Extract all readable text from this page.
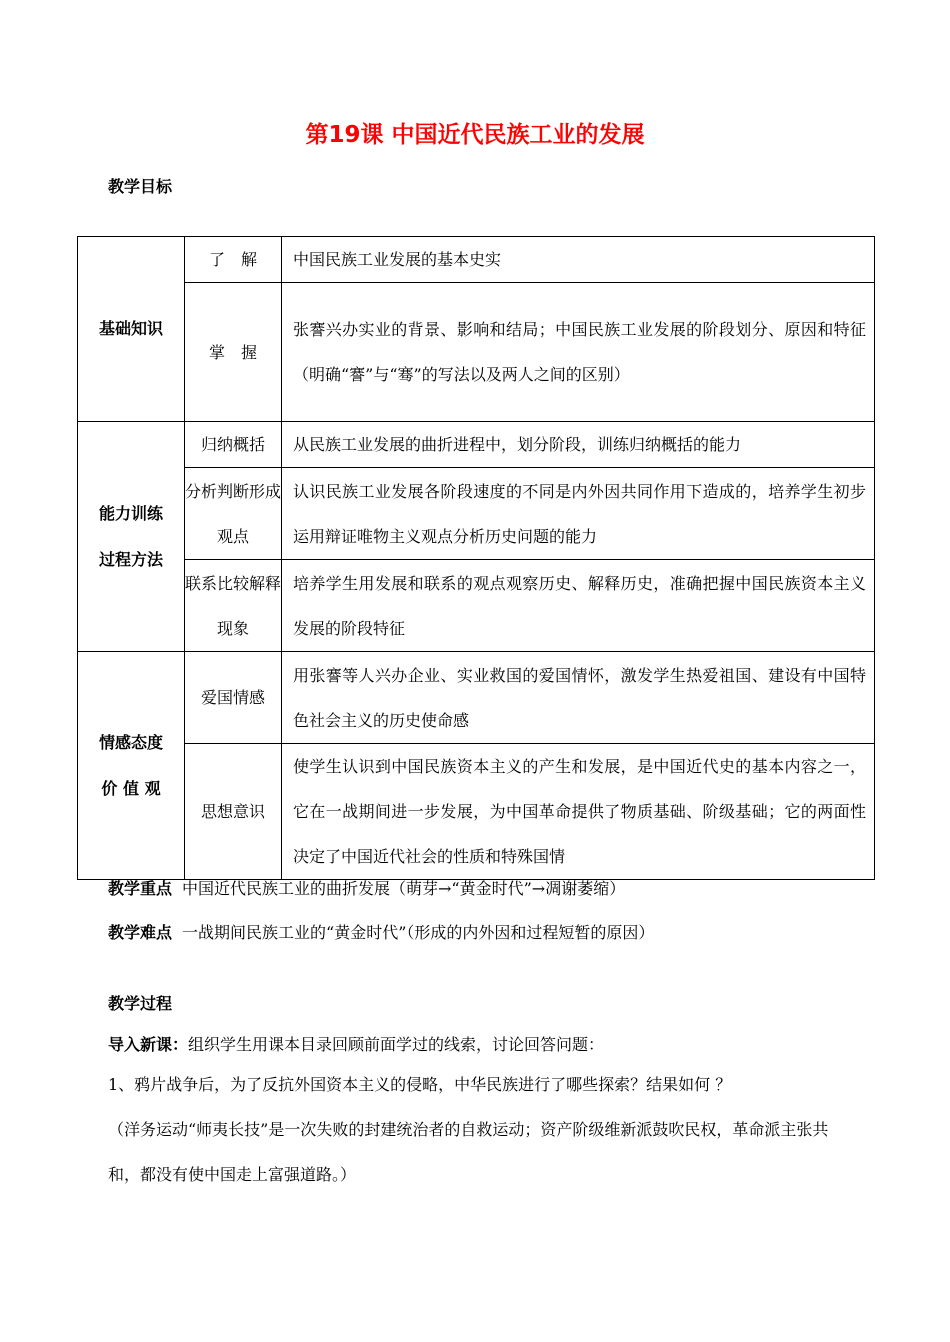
第19课 中国近代民族工业的发展
教学目标
基础知识	了　解	中国民族工业发展的基本史实
	掌　握	张謇兴办实业的背景、影响和结局；中国民族工业发展的阶段划分、原因和特征（明确“謇”与“骞”的写法以及两人之间的区别）
能力训练
过程方法	归纳概括	从民族工业发展的曲折进程中，划分阶段，训练归纳概括的能力
	分析判断形成观点	认识民族工业发展各阶段速度的不同是内外因共同作用下造成的，培养学生初步运用辩证唯物主义观点分析历史问题的能力
	联系比较解释现象	培养学生用发展和联系的观点观察历史、解释历史，准确把握中国民族资本主义发展的阶段特征
情感态度
价 值 观	爱国情感	用张謇等人兴办企业、实业救国的爱国情怀，激发学生热爱祖国、建设有中国特色社会主义的历史使命感
	思想意识	使学生认识到中国民族资本主义的产生和发展，是中国近代史的基本内容之一，它在一战期间进一步发展，为中国革命提供了物质基础、阶级基础；它的两面性决定了中国近代社会的性质和特殊国情
教学重点 中国近代民族工业的曲折发展（萌芽→“黄金时代”→凋谢萎缩）
教学难点 一战期间民族工业的“黄金时代”（形成的内外因和过程短暂的原因）
教学过程
导入新课：组织学生用课本目录回顾前面学过的线索，讨论回答问题：
1、鸦片战争后，为了反抗外国资本主义的侵略，中华民族进行了哪些探索？结果如何 ？
（洋务运动“师夷长技”是一次失败的封建统治者的自救运动；资产阶级维新派鼓吹民权，革命派主张共和，都没有使中国走上富强道路。）
